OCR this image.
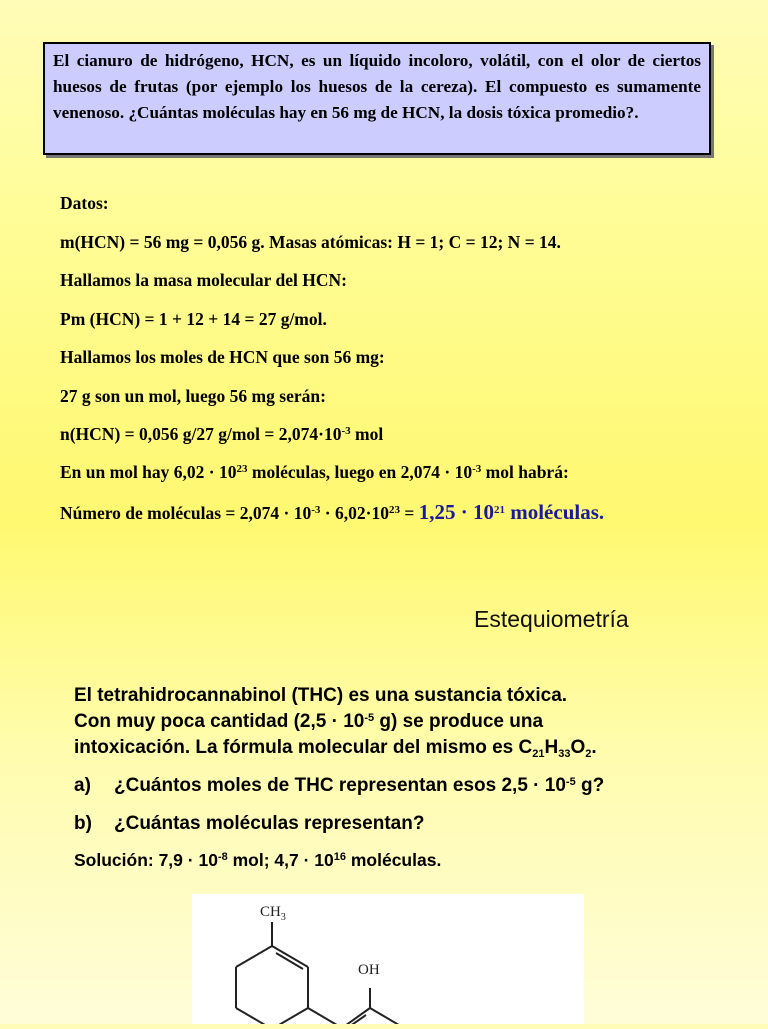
El cianuro de hidrógeno, HCN, es un líquido incoloro, volátil, con el olor de ciertos huesos de frutas (por ejemplo los huesos de la cereza). El compuesto es sumamente venenoso. ¿Cuántas moléculas hay en 56 mg de HCN, la dosis tóxica promedio?.
Datos:
m(HCN) = 56 mg = 0,056 g. Masas atómicas: H = 1; C = 12; N = 14.
Hallamos la masa molecular del HCN:
Pm (HCN) = 1 + 12 + 14 = 27 g/mol.
Hallamos los moles de HCN que son 56 mg:
27 g son un mol, luego 56 mg serán:
n(HCN) = 0,056 g/27 $g/mol = 2,074\cdot 10^{-3}$ mol
En un mol hay $6,02 \cdot 10^{23}$ moléculas, luego en $2,074 \cdot 10^{-3}$ mol habrá:
Número de moléculas = $2,074 \cdot 10^{-3} \cdot 6,02\cdot 10^{23} = 1,25 \cdot 10^{21}$ moléculas.
Estequiometría
El tetrahidrocannabinol (THC) es una sustancia tóxica.
Con muy poca cantidad ($2,5 \cdot 10^{-5}$ g) se produce una
intoxicación. La fórmula molecular del mismo es $C_{21}H_{33}O_2$.
a) ¿Cuántos moles de THC representan esos $2,5 \cdot 10^{-5}$ g?
b) ¿Cuántas moléculas representan?
Solución: $7,9 \cdot 10^{-8}$ mol; $4,7 \cdot 10^{16}$ moléculas.
$CH_3$
OH
